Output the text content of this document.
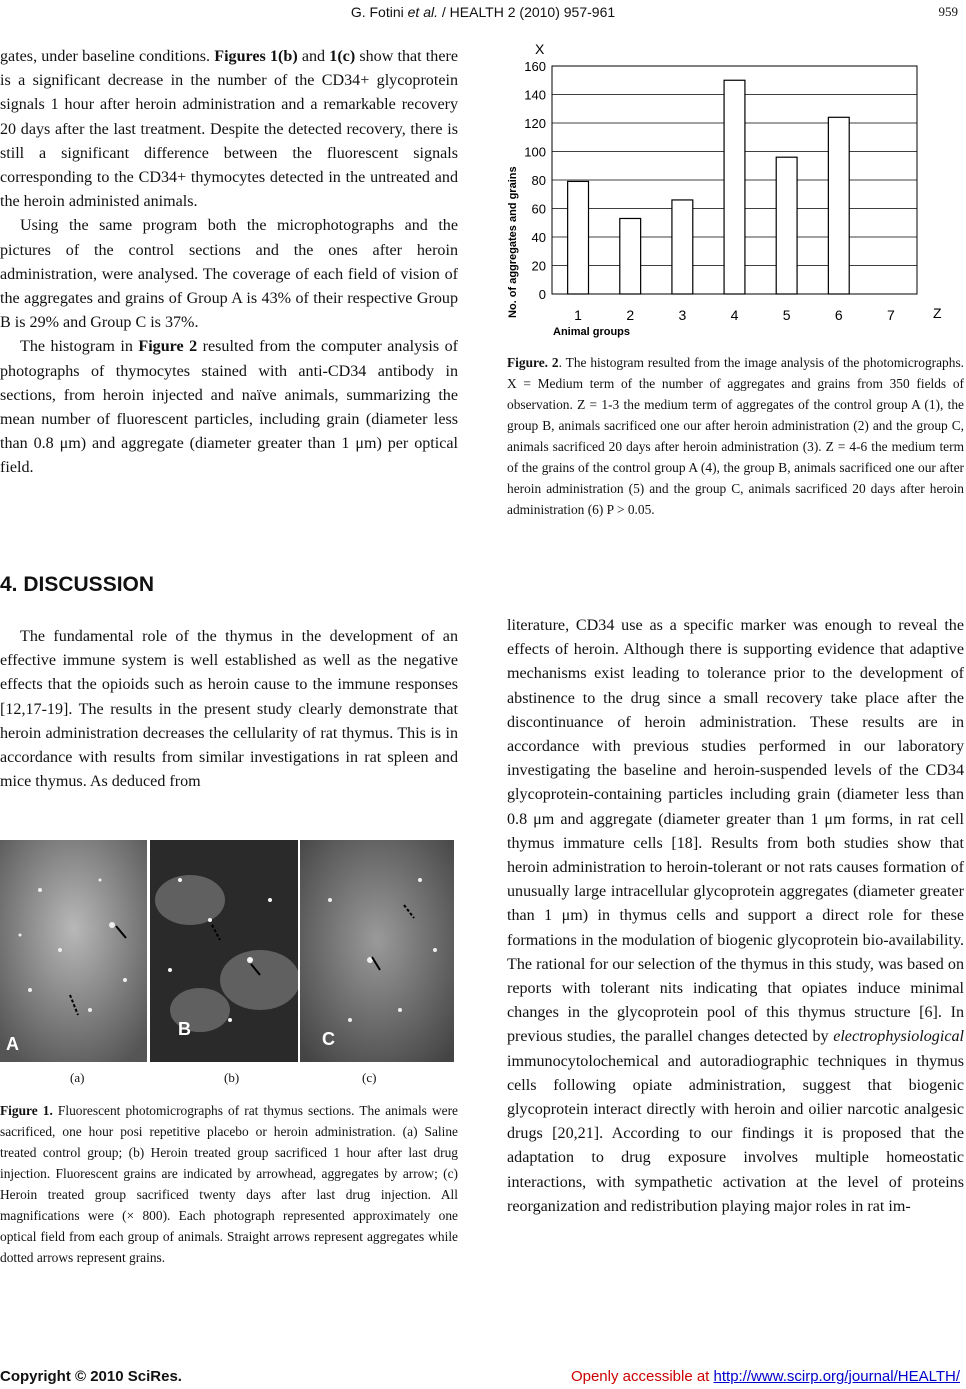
G. Fotini et al. / HEALTH 2 (2010) 957-961	959

gates, under baseline conditions. Figures 1(b) and 1(c) show that there is a significant decrease in the number of the CD34+ glycoprotein signals 1 hour after heroin administration and a remarkable recovery 20 days after the last treatment. Despite the detected recovery, there is still a significant difference between the fluorescent signals corresponding to the CD34+ thymocytes detected in the untreated and the heroin administed animals.

Using the same program both the microphotographs and the pictures of the control sections and the ones after heroin administration, were analysed. The coverage of each field of vision of the aggregates and grains of Group A is 43% of their respective Group B is 29% and Group C is 37%.

The histogram in Figure 2 resulted from the computer analysis of photographs of thymocytes stained with anti-CD34 antibody in sections, from heroin injected and naïve animals, summarizing the mean number of fluorescent particles, including grain (diameter less than 0.8 μm) and aggregate (diameter greater than 1 μm) per optical field.

4. DISCUSSION

The fundamental role of the thymus in the development of an effective immune system is well established as well as the negative effects that the opioids such as heroin cause to the immune responses [12,17-19]. The results in the present study clearly demonstrate that heroin administration decreases the cellularity of rat thymus. This is in accordance with results from similar investigations in rat spleen and mice thymus. As deduced from

A
B	C
(a)	(b)	(c)
Figure 1. Fluorescent photomicrographs of rat thymus sections. The animals were sacrificed, one hour posi repetitive placebo or heroin administration. (a) Saline treated control group; (b) Heroin treated group sacrificed 1 hour after last drug injection. Fluorescent grains are indicated by arrowhead, aggregates by arrow; (c) Heroin treated group sacrificed twenty days after last drug injection. All magnifications were (× 800). Each photograph represented approximately one optical field from each group of animals. Straight arrows represent aggregates while dotted arrows represent grains.
X
Z
No. of aggregates and grains
Animal groups
0
20
40
60
80
100
120
140
160
1	2	3	4	5	6	7
Figure. 2. The histogram resulted from the image analysis of the photomicrographs. X = Medium term of the number of aggregates and grains from 350 fields of observation. Z = 1-3 the medium term of aggregates of the control group A (1), the group B, animals sacrificed one our after heroin administration (2) and the group C, animals sacrificed 20 days after heroin administration (3). Z = 4-6 the medium term of the grains of the control group A (4), the group B, animals sacrificed one our after heroin administration (5) and the group C, animals sacrificed 20 days after heroin administration (6) P > 0.05.

literature, CD34 use as a specific marker was enough to reveal the effects of heroin. Although there is supporting evidence that adaptive mechanisms exist leading to tolerance prior to the development of abstinence to the drug since a small recovery take place after the discontinuance of heroin administration. These results are in accordance with previous studies performed in our laboratory investigating the baseline and heroin-suspended levels of the CD34 glycoprotein-containing particles including grain (diameter less than 0.8 μm and aggregate (diameter greater than 1 μm forms, in rat cell thymus immature cells [18]. Results from both studies show that heroin administration to heroin-tolerant or not rats causes formation of unusually large intracellular glycoprotein aggregates (diameter greater than 1 μm) in thymus cells and support a direct role for these formations in the modulation of biogenic glycoprotein bio-availability. The rational for our selection of the thymus in this study, was based on reports with tolerant nits indicating that opiates induce minimal changes in the glycoprotein pool of this thymus structure [6]. In previous studies, the parallel changes detected by electrophysiological immunocytolochemical and autoradiographic techniques in thymus cells following opiate administration, suggest that biogenic glycoprotein interact directly with heroin and oilier narcotic analgesic drugs [20,21]. According to our findings it is proposed that the adaptation to drug exposure involves multiple homeostatic interactions, with sympathetic activation at the level of proteins reorganization and redistribution playing major roles in rat im-

Copyright © 2010 SciRes.	Openly accessible at http://www.scirp.org/journal/HEALTH/
